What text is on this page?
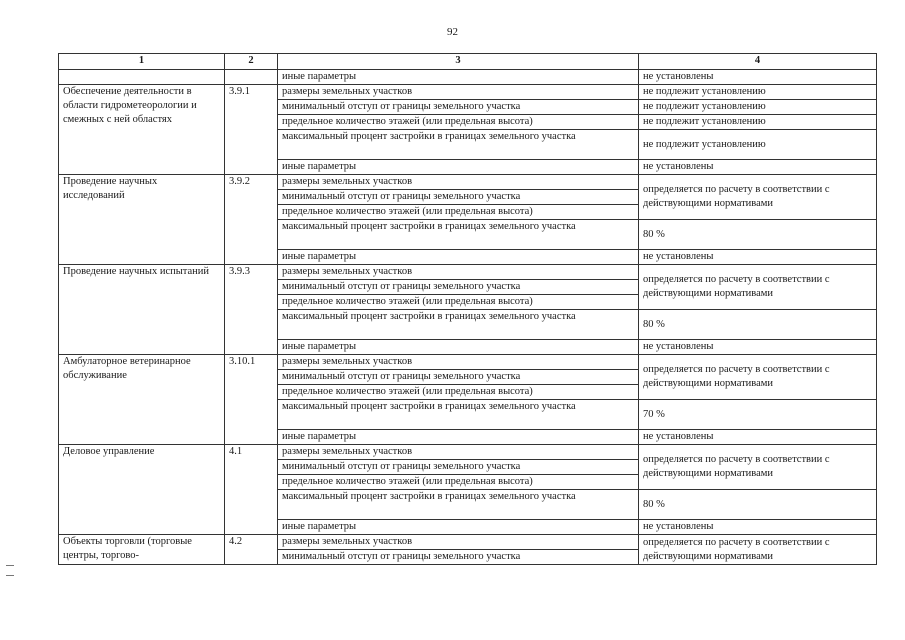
92
1	2	3	4
		иные параметры	не установлены
Обеспечение деятельности в области гидрометеорологии и смежных с ней областях	3.9.1	размеры земельных участков	не подлежит установлению
		минимальный отступ от границы земельного участка	не подлежит установлению
		предельное количество этажей (или предельная высота)	не подлежит установлению
		максимальный процент застройки в границах земельного участка	не подлежит установлению
		иные параметры	не установлены
Проведение научных исследований	3.9.2	размеры земельных участков	определяется по расчету в соответствии с действующими нормативами
		минимальный отступ от границы земельного участка	
		предельное количество этажей (или предельная высота)	
		максимальный процент застройки в границах земельного участка	80 %
		иные параметры	не установлены
Проведение научных испытаний	3.9.3	размеры земельных участков	определяется по расчету в соответствии с действующими нормативами
		минимальный отступ от границы земельного участка	
		предельное количество этажей (или предельная высота)	
		максимальный процент застройки в границах земельного участка	80 %
		иные параметры	не установлены
Амбулаторное ветеринарное обслуживание	3.10.1	размеры земельных участков	определяется по расчету в соответствии с действующими нормативами
		минимальный отступ от границы земельного участка	
		предельное количество этажей (или предельная высота)	
		максимальный процент застройки в границах земельного участка	70 %
		иные параметры	не установлены
Деловое управление	4.1	размеры земельных участков	определяется по расчету в соответствии с действующими нормативами
		минимальный отступ от границы земельного участка	
		предельное количество этажей (или предельная высота)	
		максимальный процент застройки в границах земельного участка	80 %
		иные параметры	не установлены
Объекты торговли (торговые центры, торгово-	4.2	размеры земельных участков	определяется по расчету в соответствии с действующими нормативами
		минимальный отступ от границы земельного участка	
